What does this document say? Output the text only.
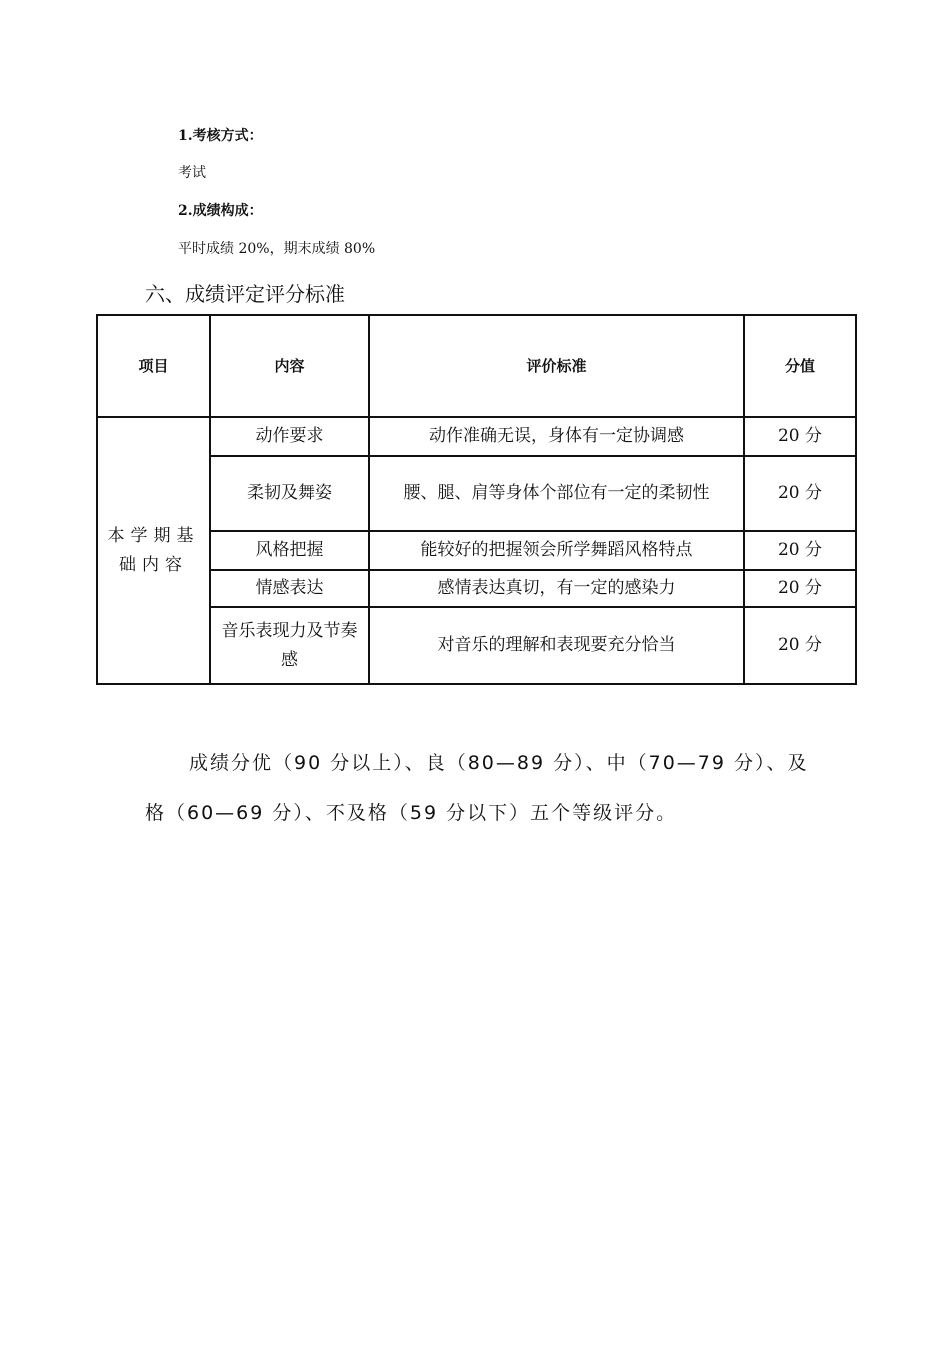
1.考核方式：
考试
2.成绩构成：
平时成绩 20%，期末成绩 80%
六、成绩评定评分标准
项目	内容	评价标准	分值
本学期基础内容	动作要求	动作准确无误，身体有一定协调感	20 分
	柔韧及舞姿	腰、腿、肩等身体个部位有一定的柔韧性	20 分
	风格把握	能较好的把握领会所学舞蹈风格特点	20 分
	情感表达	感情表达真切，有一定的感染力	20 分
	音乐表现力及节奏感	对音乐的理解和表现要充分恰当	20 分
成绩分优（90 分以上）、良（80—89 分）、中（70—79 分）、及格（60—69 分）、不及格（59 分以下）五个等级评分。
